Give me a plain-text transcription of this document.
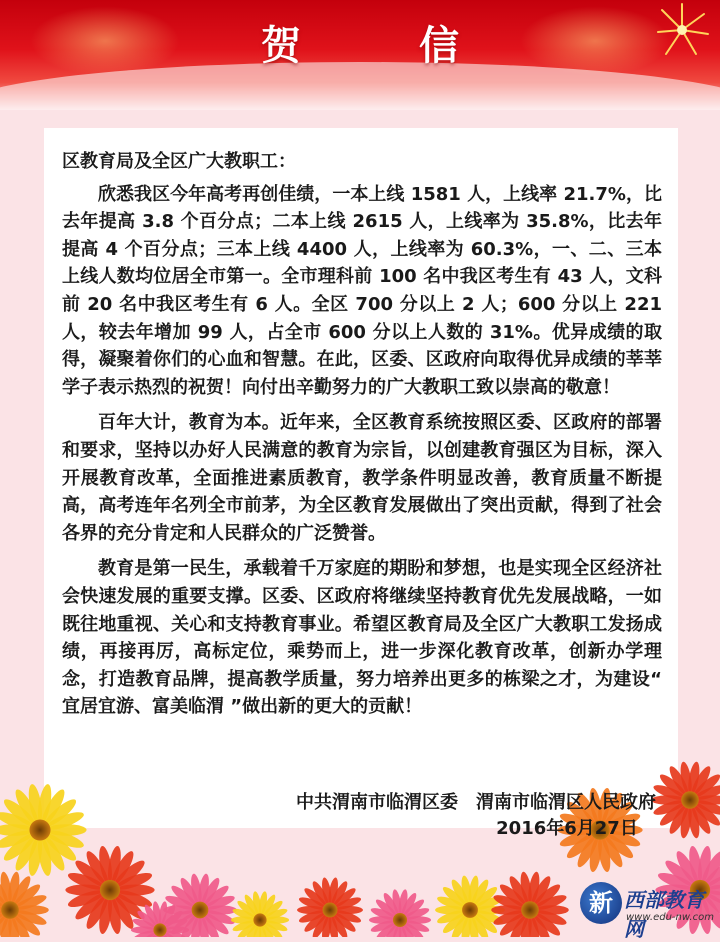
贺 信

区教育局及全区广大教职工：

欣悉我区今年高考再创佳绩，一本上线 1581 人，上线率 21.7%，比去年提高 3.8 个百分点；二本上线 2615 人，上线率为 35.8%，比去年提高 4 个百分点；三本上线 4400 人，上线率为 60.3%，一、二、三本上线人数均位居全市第一。全市理科前 100 名中我区考生有 43 人，文科前 20 名中我区考生有 6 人。全区 700 分以上 2 人；600 分以上 221 人，较去年增加 99 人，占全市 600 分以上人数的 31%。优异成绩的取得，凝聚着你们的心血和智慧。在此，区委、区政府向取得优异成绩的莘莘学子表示热烈的祝贺！向付出辛勤努力的广大教职工致以崇高的敬意！

百年大计，教育为本。近年来，全区教育系统按照区委、区政府的部署和要求，坚持以办好人民满意的教育为宗旨，以创建教育强区为目标，深入开展教育改革，全面推进素质教育，教学条件明显改善，教育质量不断提高，高考连年名列全市前茅，为全区教育发展做出了突出贡献，得到了社会各界的充分肯定和人民群众的广泛赞誉。

教育是第一民生，承载着千万家庭的期盼和梦想，也是实现全区经济社会快速发展的重要支撑。区委、区政府将继续坚持教育优先发展战略，一如既往地重视、关心和支持教育事业。希望区教育局及全区广大教职工发扬成绩，再接再厉，高标定位，乘势而上，进一步深化教育改革，创新办学理念，打造教育品牌，提高教学质量，努力培养出更多的栋梁之才，为建设“ 宜居宜游、富美临渭 ”做出新的更大的贡献！

中共渭南市临渭区委　渭南市临渭区人民政府
2016年6月27日
新 西部教育网
www.edu-nw.com
